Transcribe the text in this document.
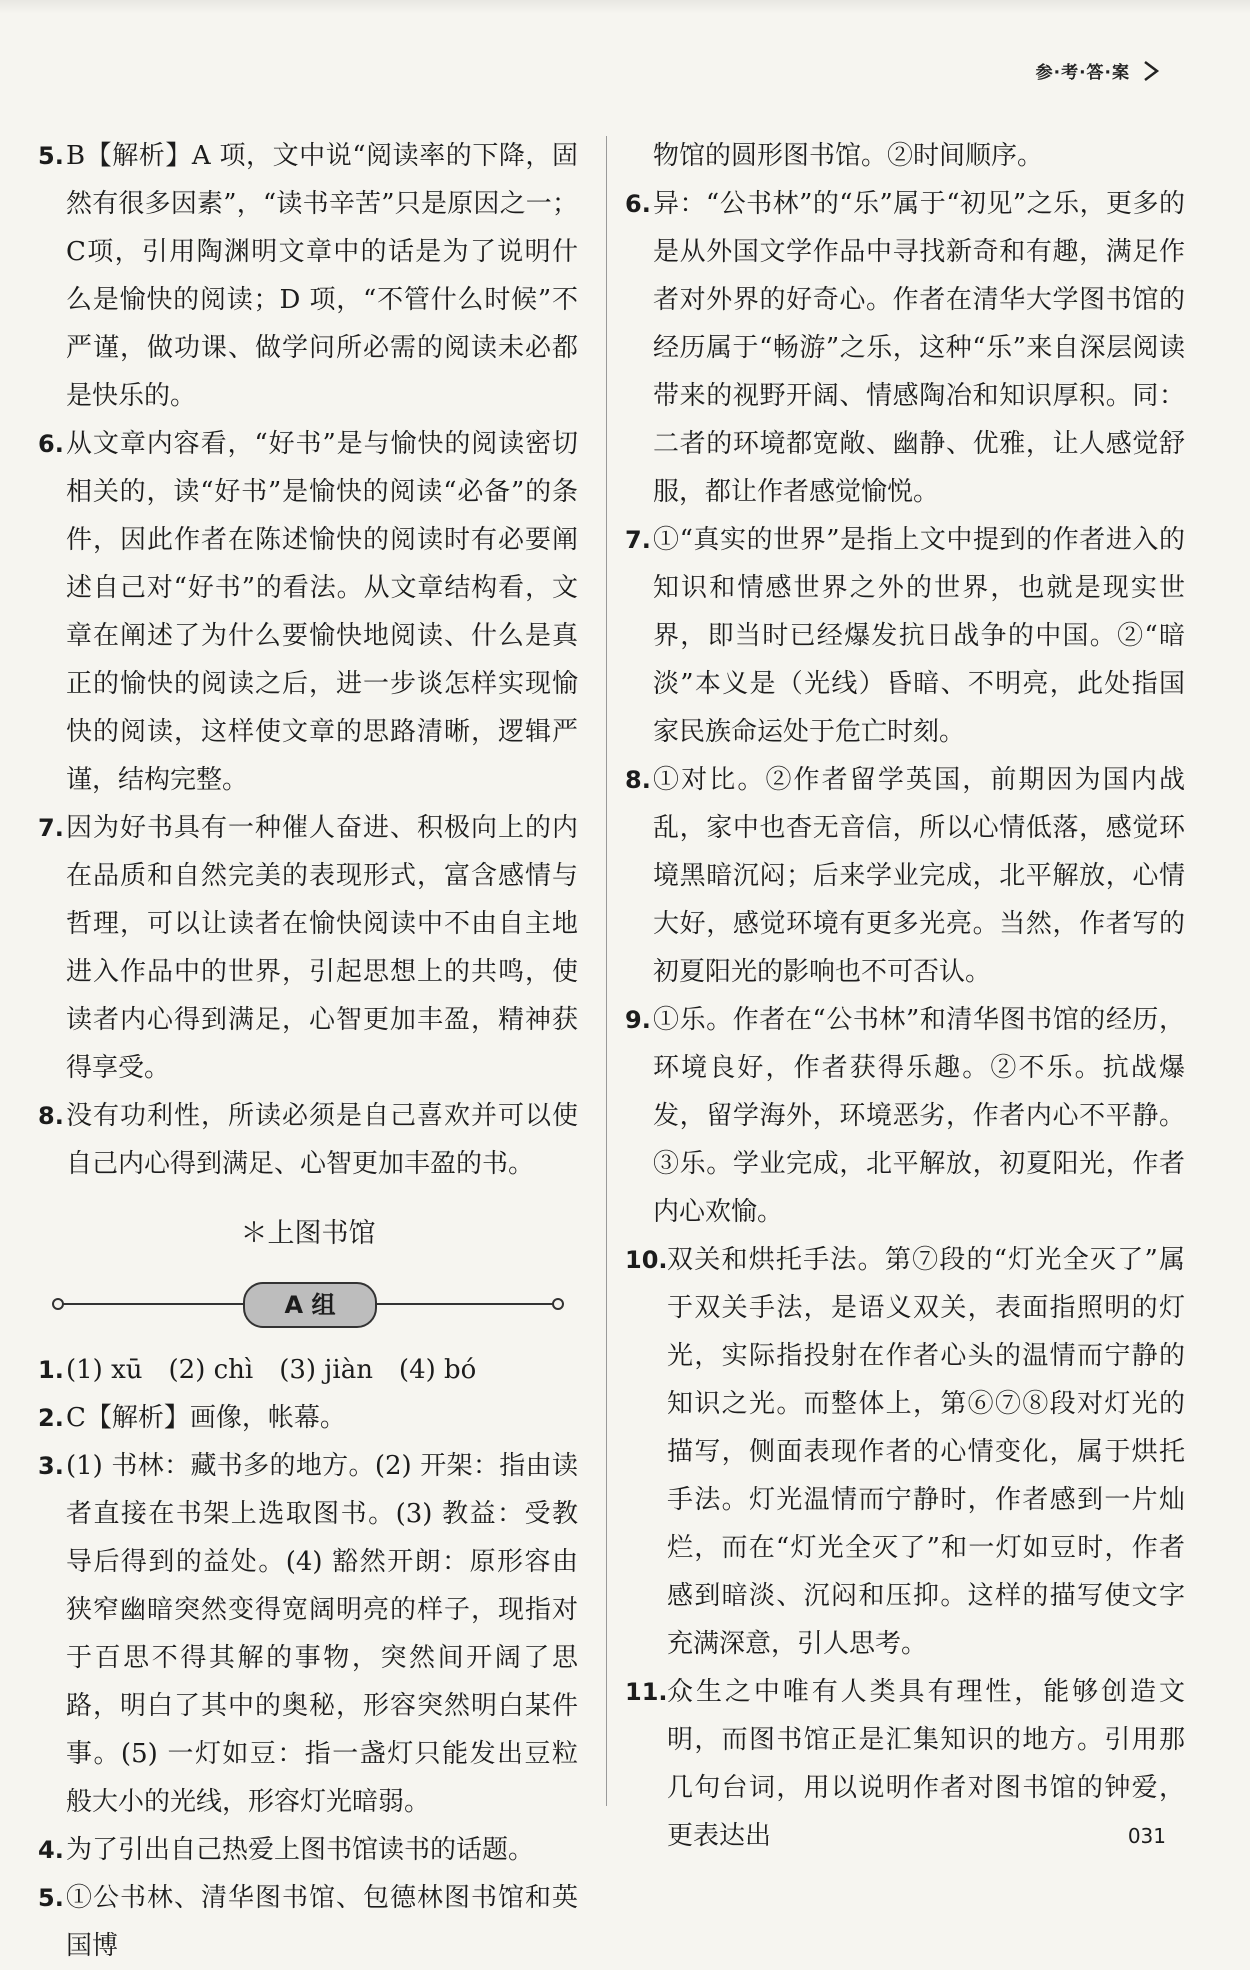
参·考·答·案
5. B【解析】A 项，文中说“阅读率的下降，固然有很多因素”，“读书辛苦”只是原因之一；C项，引用陶渊明文章中的话是为了说明什么是愉快的阅读；D 项，“不管什么时候”不严谨，做功课、做学问所必需的阅读未必都是快乐的。
6. 从文章内容看，“好书”是与愉快的阅读密切相关的，读“好书”是愉快的阅读“必备”的条件，因此作者在陈述愉快的阅读时有必要阐述自己对“好书”的看法。从文章结构看，文章在阐述了为什么要愉快地阅读、什么是真正的愉快的阅读之后，进一步谈怎样实现愉快的阅读，这样使文章的思路清晰，逻辑严谨，结构完整。
7. 因为好书具有一种催人奋进、积极向上的内在品质和自然完美的表现形式，富含感情与哲理，可以让读者在愉快阅读中不由自主地进入作品中的世界，引起思想上的共鸣，使读者内心得到满足，心智更加丰盈，精神获得享受。
8. 没有功利性，所读必须是自己喜欢并可以使自己内心得到满足、心智更加丰盈的书。
＊上图书馆
A 组
1. (1) xū　(2) chì　(3) jiàn　(4) bó
2. C【解析】画像，帐幕。
3. (1) 书林：藏书多的地方。(2) 开架：指由读者直接在书架上选取图书。(3) 教益：受教导后得到的益处。(4) 豁然开朗：原形容由狭窄幽暗突然变得宽阔明亮的样子，现指对于百思不得其解的事物，突然间开阔了思路，明白了其中的奥秘，形容突然明白某件事。(5) 一灯如豆：指一盏灯只能发出豆粒般大小的光线，形容灯光暗弱。
4. 为了引出自己热爱上图书馆读书的话题。
5. ①公书林、清华图书馆、包德林图书馆和英国博
物馆的圆形图书馆。②时间顺序。
6. 异：“公书林”的“乐”属于“初见”之乐，更多的是从外国文学作品中寻找新奇和有趣，满足作者对外界的好奇心。作者在清华大学图书馆的经历属于“畅游”之乐，这种“乐”来自深层阅读带来的视野开阔、情感陶冶和知识厚积。同：二者的环境都宽敞、幽静、优雅，让人感觉舒服，都让作者感觉愉悦。
7. ①“真实的世界”是指上文中提到的作者进入的知识和情感世界之外的世界，也就是现实世界，即当时已经爆发抗日战争的中国。②“暗淡”本义是（光线）昏暗、不明亮，此处指国家民族命运处于危亡时刻。
8. ①对比。②作者留学英国，前期因为国内战乱，家中也杳无音信，所以心情低落，感觉环境黑暗沉闷；后来学业完成，北平解放，心情大好，感觉环境有更多光亮。当然，作者写的初夏阳光的影响也不可否认。
9. ①乐。作者在“公书林”和清华图书馆的经历，环境良好，作者获得乐趣。②不乐。抗战爆发，留学海外，环境恶劣，作者内心不平静。③乐。学业完成，北平解放，初夏阳光，作者内心欢愉。
10. 双关和烘托手法。第⑦段的“灯光全灭了”属于双关手法，是语义双关，表面指照明的灯光，实际指投射在作者心头的温情而宁静的知识之光。而整体上，第⑥⑦⑧段对灯光的描写，侧面表现作者的心情变化，属于烘托手法。灯光温情而宁静时，作者感到一片灿烂，而在“灯光全灭了”和一灯如豆时，作者感到暗淡、沉闷和压抑。这样的描写使文字充满深意，引人思考。
11. 众生之中唯有人类具有理性，能够创造文明，而图书馆正是汇集知识的地方。引用那几句台词，用以说明作者对图书馆的钟爱，更表达出	031
